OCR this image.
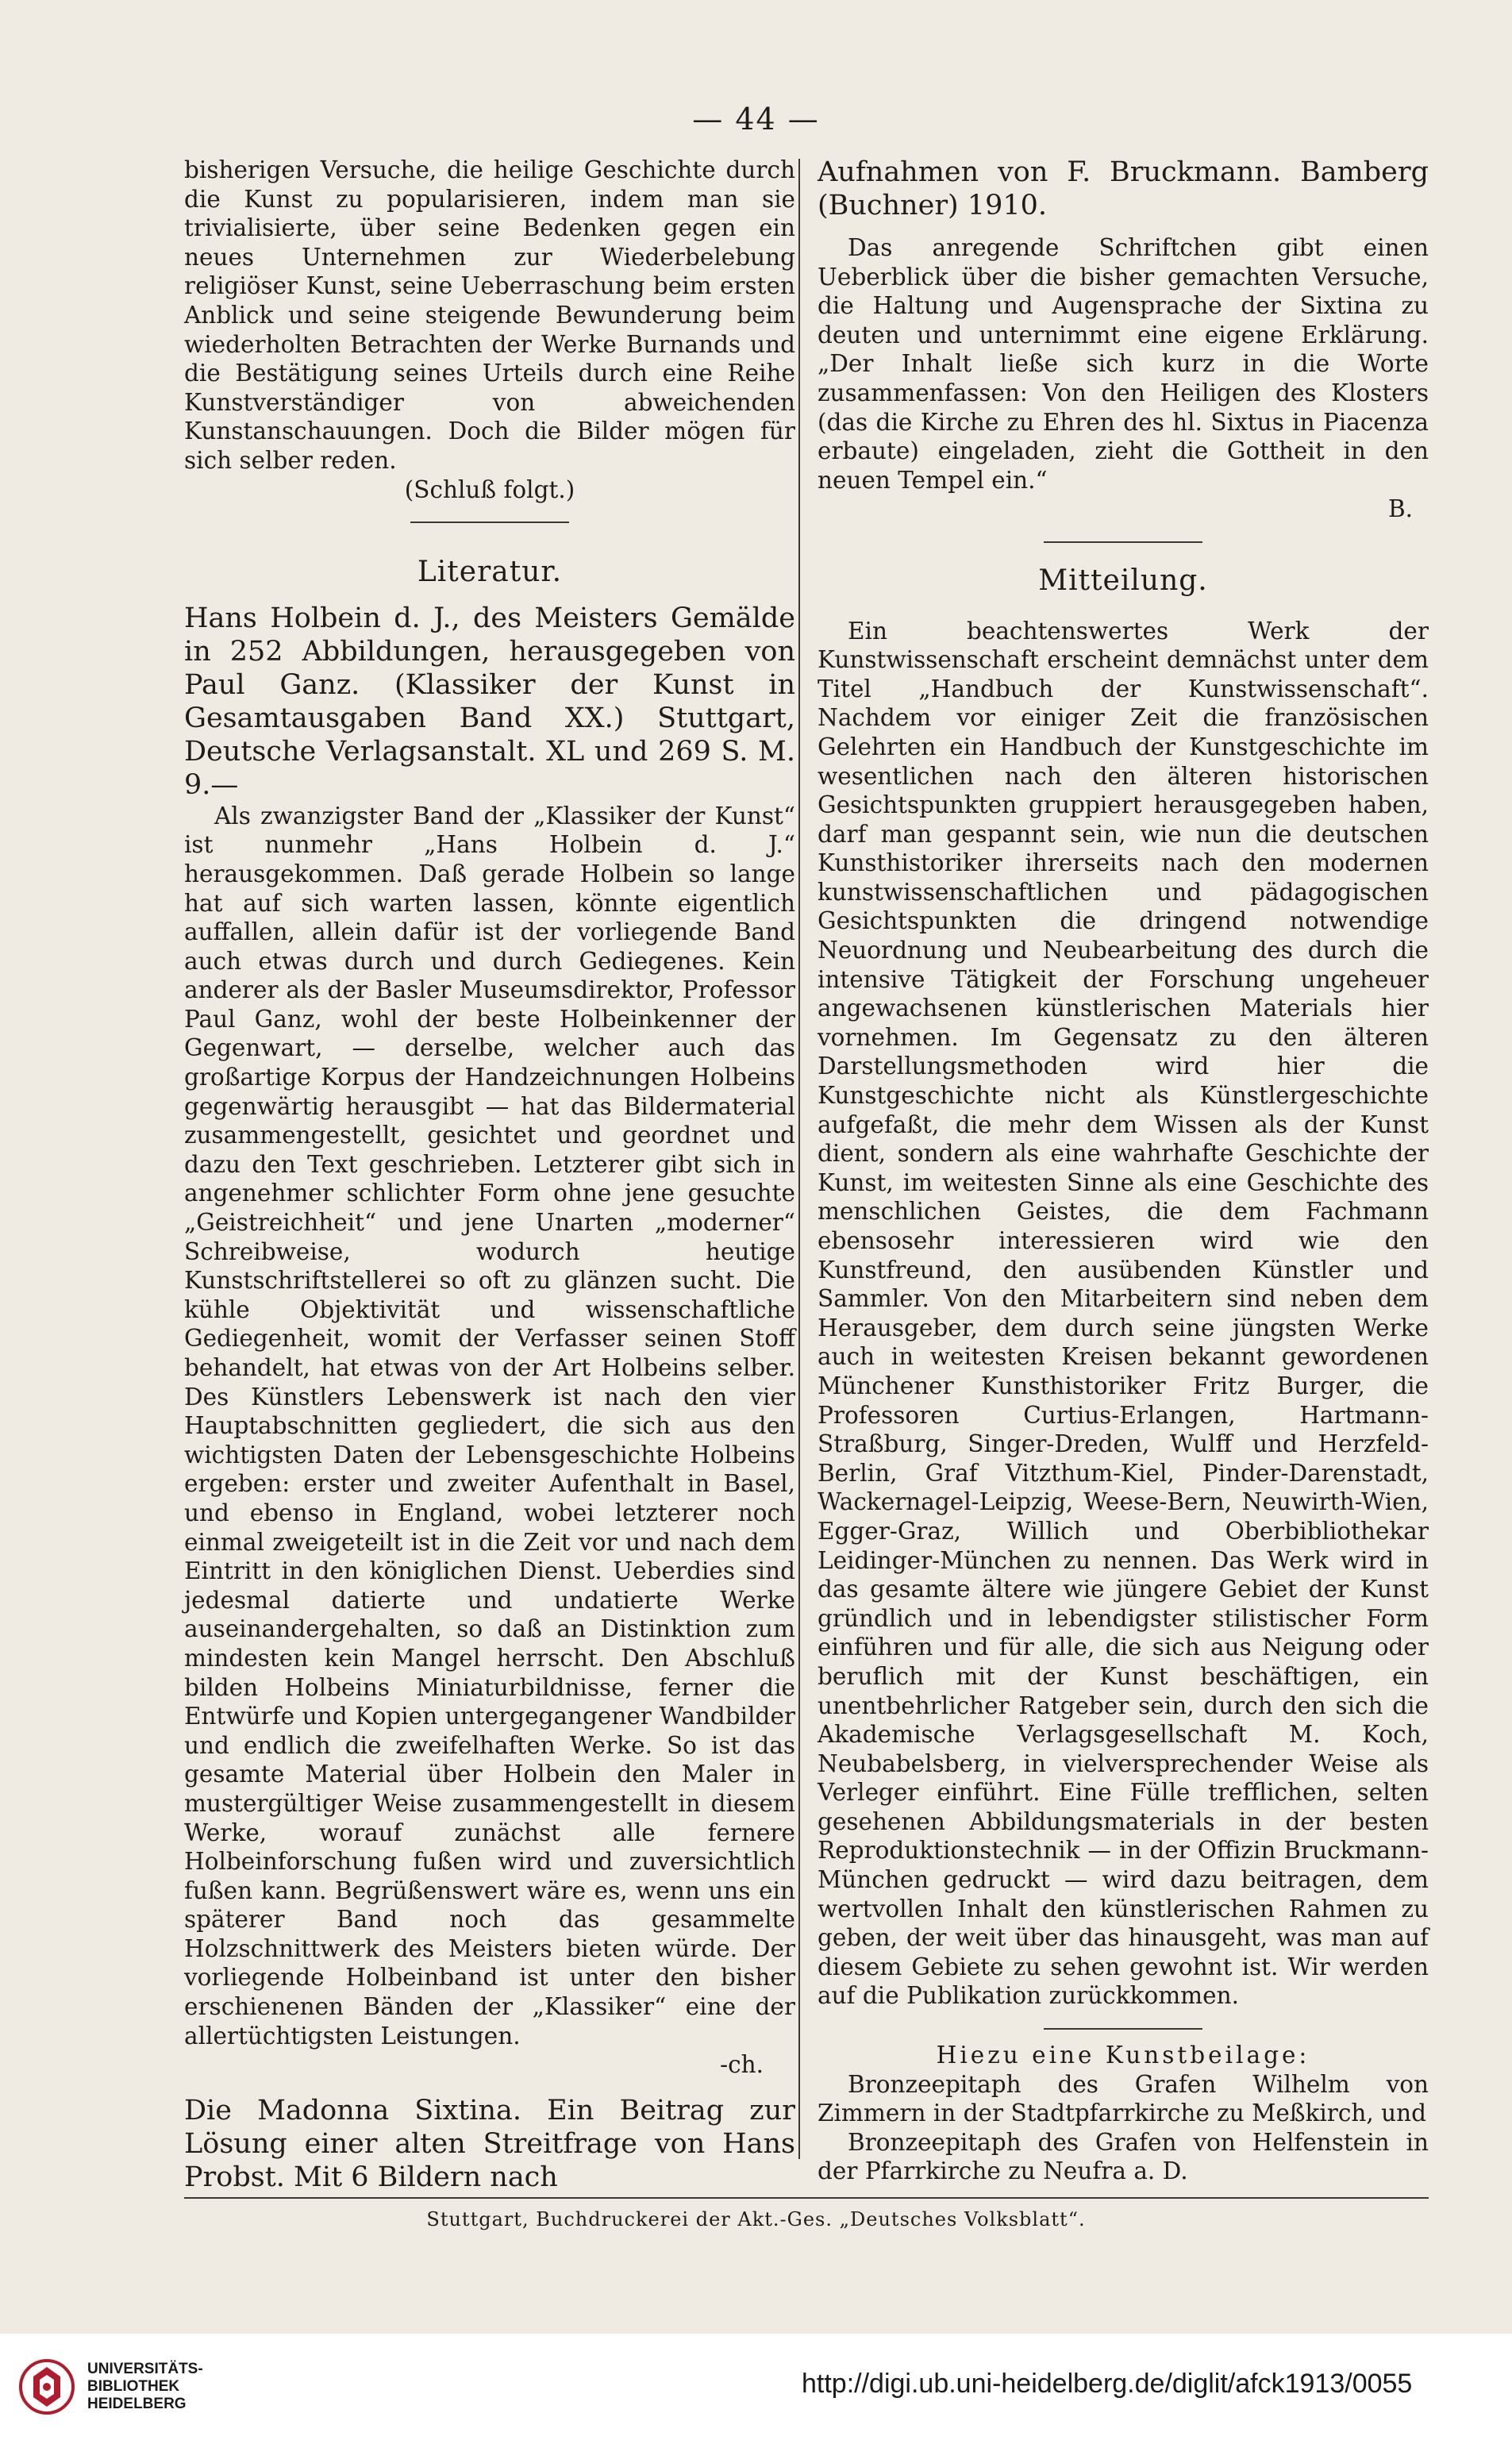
— 44 —

bisherigen Versuche, die heilige Geschichte durch die Kunst zu popularisieren, indem man sie trivialisierte, über seine Bedenken gegen ein neues Unternehmen zur Wiederbelebung religiöser Kunst, seine Ueberraschung beim ersten Anblick und seine steigende Bewunderung beim wiederholten Betrachten der Werke Burnands und die Bestätigung seines Urteils durch eine Reihe Kunstverständiger von abweichenden Kunstanschauungen. Doch die Bilder mögen für sich selber reden.

(Schluß folgt.)

Literatur.

Hans Holbein d. J., des Meisters Gemälde in 252 Abbildungen, herausgegeben von Paul Ganz. (Klassiker der Kunst in Gesamtausgaben Band XX.) Stuttgart, Deutsche Verlagsanstalt. XL und 269 S. M. 9.—

Als zwanzigster Band der „Klassiker der Kunst“ ist nunmehr „Hans Holbein d. J.“ herausgekommen. Daß gerade Holbein so lange hat auf sich warten lassen, könnte eigentlich auffallen, allein dafür ist der vorliegende Band auch etwas durch und durch Gediegenes. Kein anderer als der Basler Museumsdirektor, Professor Paul Ganz, wohl der beste Holbeinkenner der Gegenwart, — derselbe, welcher auch das großartige Korpus der Handzeichnungen Holbeins gegenwärtig herausgibt — hat das Bildermaterial zusammengestellt, gesichtet und geordnet und dazu den Text geschrieben. Letzterer gibt sich in angenehmer schlichter Form ohne jene gesuchte „Geistreichheit“ und jene Unarten „moderner“ Schreibweise, wodurch heutige Kunstschriftstellerei so oft zu glänzen sucht. Die kühle Objektivität und wissenschaftliche Gediegenheit, womit der Verfasser seinen Stoff behandelt, hat etwas von der Art Holbeins selber. Des Künstlers Lebenswerk ist nach den vier Hauptabschnitten gegliedert, die sich aus den wichtigsten Daten der Lebensgeschichte Holbeins ergeben: erster und zweiter Aufenthalt in Basel, und ebenso in England, wobei letzterer noch einmal zweigeteilt ist in die Zeit vor und nach dem Eintritt in den königlichen Dienst. Ueberdies sind jedesmal datierte und undatierte Werke auseinandergehalten, so daß an Distinktion zum mindesten kein Mangel herrscht. Den Abschluß bilden Holbeins Miniaturbildnisse, ferner die Entwürfe und Kopien untergegangener Wandbilder und endlich die zweifelhaften Werke. So ist das gesamte Material über Holbein den Maler in mustergültiger Weise zusammengestellt in diesem Werke, worauf zunächst alle fernere Holbeinforschung fußen wird und zuversichtlich fußen kann. Begrüßenswert wäre es, wenn uns ein späterer Band noch das gesammelte Holzschnittwerk des Meisters bieten würde. Der vorliegende Holbeinband ist unter den bisher erschienenen Bänden der „Klassiker“ eine der allertüchtigsten Leistungen.

-ch.

Die Madonna Sixtina. Ein Beitrag zur Lösung einer alten Streitfrage von Hans Probst. Mit 6 Bildern nach

Aufnahmen von F. Bruckmann. Bamberg (Buchner) 1910.

Das anregende Schriftchen gibt einen Ueberblick über die bisher gemachten Versuche, die Haltung und Augensprache der Sixtina zu deuten und unternimmt eine eigene Erklärung. „Der Inhalt ließe sich kurz in die Worte zusammenfassen: Von den Heiligen des Klosters (das die Kirche zu Ehren des hl. Sixtus in Piacenza erbaute) eingeladen, zieht die Gottheit in den neuen Tempel ein.“

B.

Mitteilung.

Ein beachtenswertes Werk der Kunstwissenschaft erscheint demnächst unter dem Titel „Handbuch der Kunstwissenschaft“. Nachdem vor einiger Zeit die französischen Gelehrten ein Handbuch der Kunstgeschichte im wesentlichen nach den älteren historischen Gesichtspunkten gruppiert herausgegeben haben, darf man gespannt sein, wie nun die deutschen Kunsthistoriker ihrerseits nach den modernen kunstwissenschaftlichen und pädagogischen Gesichtspunkten die dringend notwendige Neuordnung und Neubearbeitung des durch die intensive Tätigkeit der Forschung ungeheuer angewachsenen künstlerischen Materials hier vornehmen. Im Gegensatz zu den älteren Darstellungsmethoden wird hier die Kunstgeschichte nicht als Künstlergeschichte aufgefaßt, die mehr dem Wissen als der Kunst dient, sondern als eine wahrhafte Geschichte der Kunst, im weitesten Sinne als eine Geschichte des menschlichen Geistes, die dem Fachmann ebensosehr interessieren wird wie den Kunstfreund, den ausübenden Künstler und Sammler. Von den Mitarbeitern sind neben dem Herausgeber, dem durch seine jüngsten Werke auch in weitesten Kreisen bekannt gewordenen Münchener Kunsthistoriker Fritz Burger, die Professoren Curtius-Erlangen, Hartmann-Straßburg, Singer-Dreden, Wulff und Herzfeld-Berlin, Graf Vitzthum-Kiel, Pinder-Darenstadt, Wackernagel-Leipzig, Weese-Bern, Neuwirth-Wien, Egger-Graz, Willich und Oberbibliothekar Leidinger-München zu nennen. Das Werk wird in das gesamte ältere wie jüngere Gebiet der Kunst gründlich und in lebendigster stilistischer Form einführen und für alle, die sich aus Neigung oder beruflich mit der Kunst beschäftigen, ein unentbehrlicher Ratgeber sein, durch den sich die Akademische Verlagsgesellschaft M. Koch, Neubabelsberg, in vielversprechender Weise als Verleger einführt. Eine Fülle trefflichen, selten gesehenen Abbildungsmaterials in der besten Reproduktionstechnik — in der Offizin Bruckmann-München gedruckt — wird dazu beitragen, dem wertvollen Inhalt den künstlerischen Rahmen zu geben, der weit über das hinausgeht, was man auf diesem Gebiete zu sehen gewohnt ist. Wir werden auf die Publikation zurückkommen.

Hiezu eine Kunstbeilage:

Bronzeepitaph des Grafen Wilhelm von Zimmern in der Stadtpfarrkirche zu Meßkirch, und

Bronzeepitaph des Grafen von Helfenstein in der Pfarrkirche zu Neufra a. D.

Stuttgart, Buchdruckerei der Akt.-Ges. „Deutsches Volksblatt“.
UNIVERSITÄTS-
BIBLIOTHEK
HEIDELBERG
http://digi.ub.uni-heidelberg.de/diglit/afck1913/0055
